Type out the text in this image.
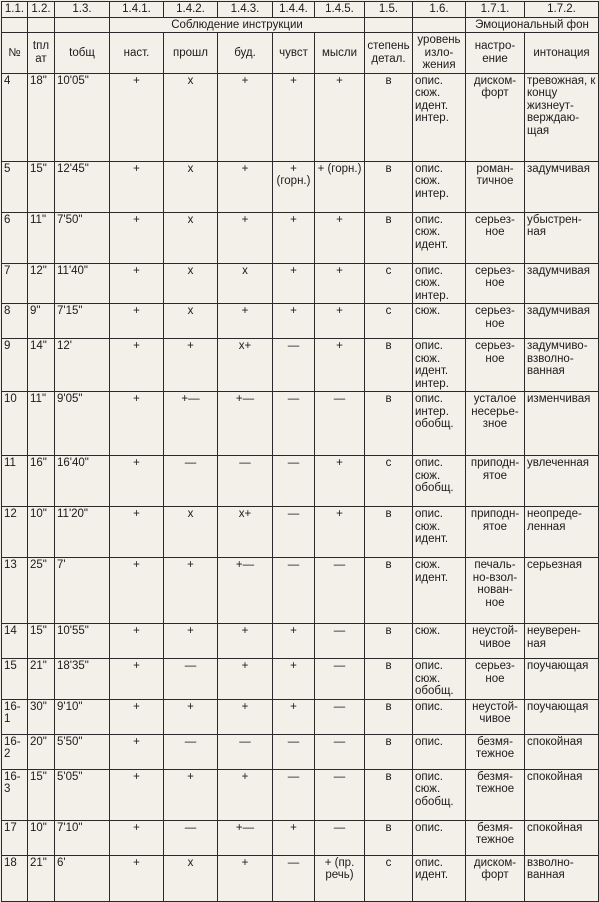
1.1.	1.2.	1.3.	1.4.1.	1.4.2.	1.4.3.	1.4.4.	1.4.5.	1.5.	1.6.	1.7.1.	1.7.2.
			Соблюдение инструкции							Эмоциональный фон	
№	tплат	tобщ	наст.	прошл	буд.	чувст	мысли	степень детал.	уровень изло-жения	настро-ение	интонация
4	18"	10'05"	+	х	+	+	+	в	опис. сюж. идент. интер.	диском-форт	тревожная, к концу жизнеут-верждаю-щая
5	15"	12'45"	+	х	+	+ (горн.)	+ (горн.)	в	опис. сюж. интер.	роман-тичное	задумчивая
6	11"	7'50"	+	х	+	+	+	в	опис. сюж. идент.	серьез-ное	убыстрен-ная
7	12"	11'40"	+	х	х	+	+	с	опис. сюж. интер.	серьез-ное	задумчивая
8	9"	7'15"	+	х	+	+	+	с	сюж.	серьез-ное	задумчивая
9	14"	12'	+	+	х+	—	+	в	опис. сюж. идент. интер.	серьез-ное	задумчиво-взволно-ванная
10	11"	9'05"	+	+—	+—	—	—	в	опис. интер. обобщ.	усталое несерье-зное	изменчивая
11	16"	16'40"	+	—	—	—	+	с	опис. сюж. обобщ.	приподн-ятое	увлеченная
12	10"	11'20"	+	х	х+	—	+	в	опис. сюж. идент.	приподн-ятое	неопреде-ленная
13	25"	7'	+	+	+—	—	—	в	сюж. идент.	печаль-но-взол-нован-ное	серьезная
14	15"	10'55"	+	+	+	+	—	в	сюж.	неустой-чивое	неуверен-ная
15	21"	18'35"	+	—	+	+	—	в	опис. сюж. обобщ.	серьез-ное	поучающая
16-1	30"	9'10"	+	+	+	+	—	в	опис.	неустой-чивое	поучающая
16-2	20"	5'50"	+	—	—	—	—	в	опис.	безмя-тежное	спокойная
16-3	15"	5'05"	+	+	+	—	—	в	опис. сюж. обобщ.	безмя-тежное	спокойная
17	10"	7'10"	+	—	+—	+	—	в	опис.	безмя-тежное	спокойная
18	21"	6'	+	х	+	—	+ (пр. речь)	с	опис. идент.	диском-форт	взволно-ванная
